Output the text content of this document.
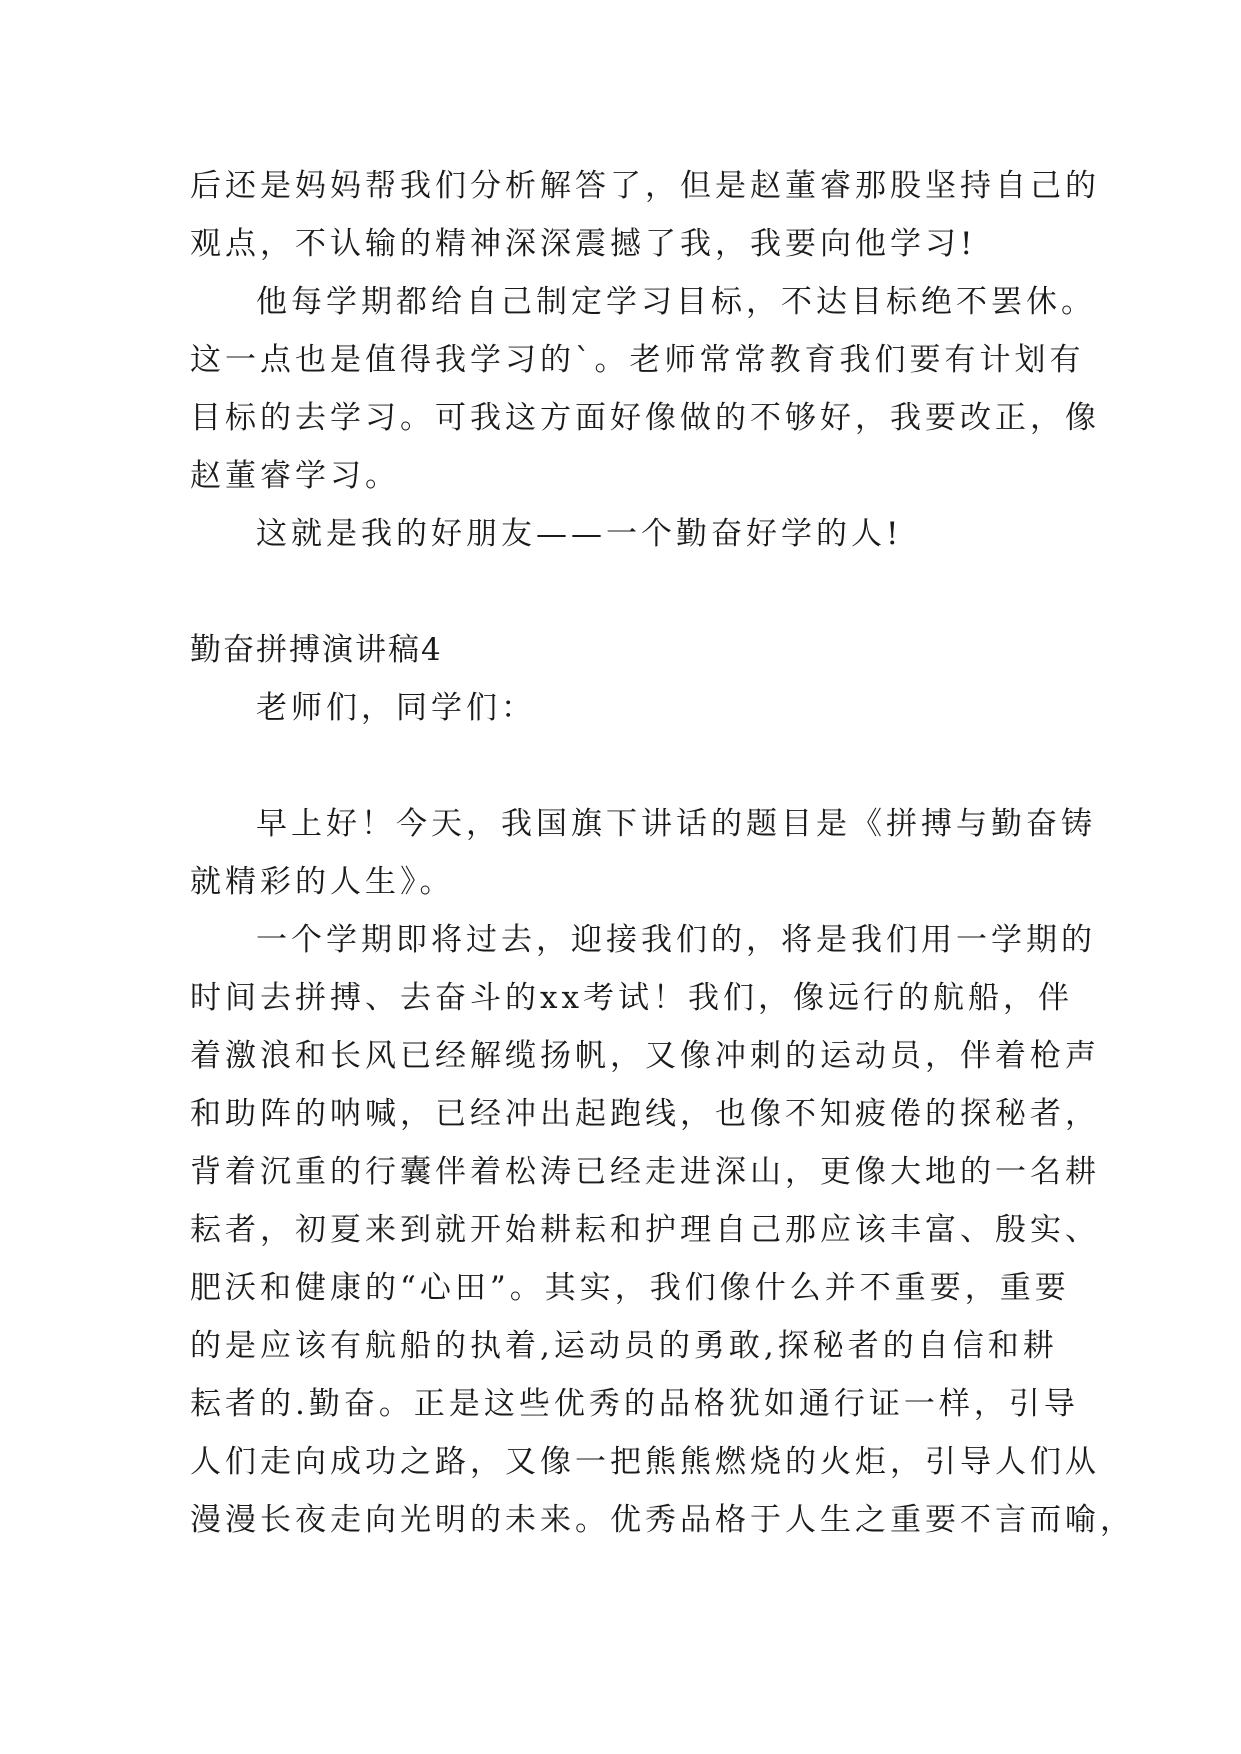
后还是妈妈帮我们分析解答了，但是赵董睿那股坚持自己的

观点，不认输的精神深深震撼了我，我要向他学习!

他每学期都给自己制定学习目标，不达目标绝不罢休。

这一点也是值得我学习的`。老师常常教育我们要有计划有

目标的去学习。可我这方面好像做的不够好，我要改正，像

赵董睿学习。

这就是我的好朋友——一个勤奋好学的人!

勤奋拼搏演讲稿4

老师们，同学们：

早上好！今天，我国旗下讲话的题目是《拼搏与勤奋铸

就精彩的人生》。

一个学期即将过去，迎接我们的，将是我们用一学期的

时间去拼搏、去奋斗的xx考试！我们，像远行的航船，伴

着激浪和长风已经解缆扬帆，又像冲刺的运动员，伴着枪声

和助阵的呐喊，已经冲出起跑线，也像不知疲倦的探秘者，

背着沉重的行囊伴着松涛已经走进深山，更像大地的一名耕

耘者，初夏来到就开始耕耘和护理自己那应该丰富、殷实、

肥沃和健康的“心田”。其实，我们像什么并不重要，重要

的是应该有航船的执着,运动员的勇敢,探秘者的自信和耕

耘者的.勤奋。正是这些优秀的品格犹如通行证一样，引导

人们走向成功之路，又像一把熊熊燃烧的火炬，引导人们从

漫漫长夜走向光明的未来。优秀品格于人生之重要不言而喻，
